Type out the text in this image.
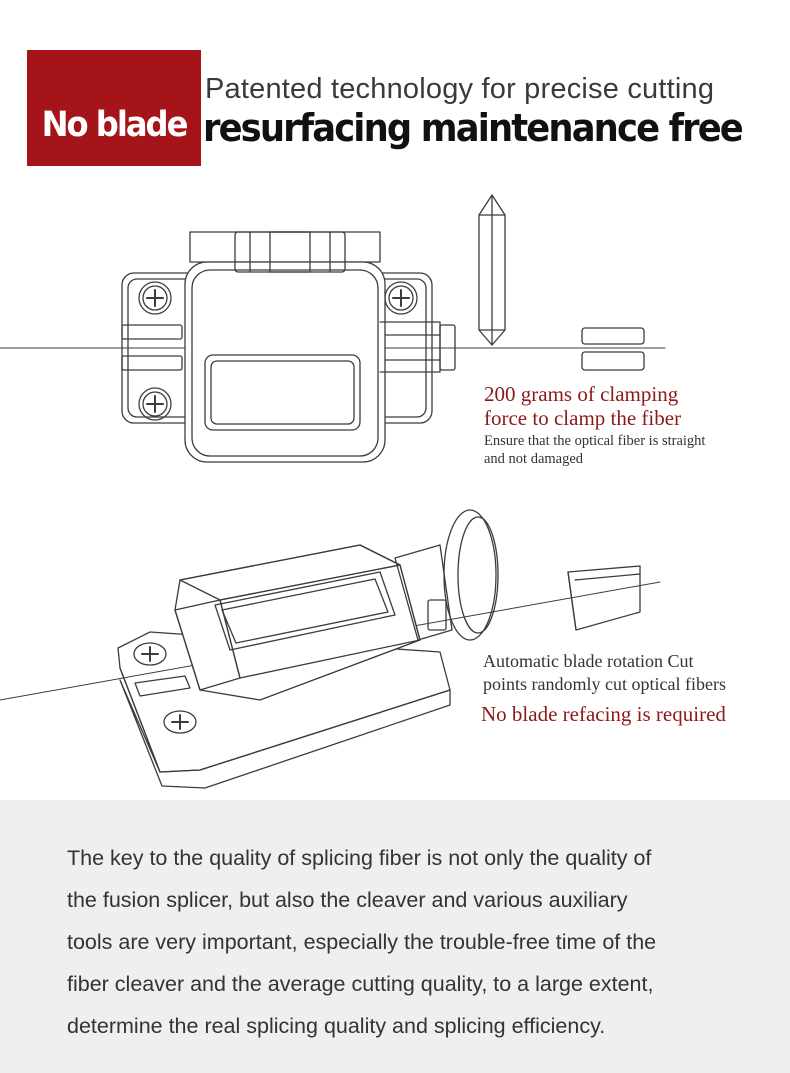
No blade
Patented technology for precise cutting
resurfacing maintenance free
200 grams of clamping
force to clamp the fiber
Ensure that the optical fiber is straight
and not damaged
Automatic blade rotation Cut
points randomly cut optical fibers
No blade refacing is required
The key to the quality of splicing fiber is not only the quality of
the fusion splicer, but also the cleaver and various auxiliary
tools are very important, especially the trouble-free time of the
fiber cleaver and the average cutting quality, to a large extent,
determine the real splicing quality and splicing efficiency.
